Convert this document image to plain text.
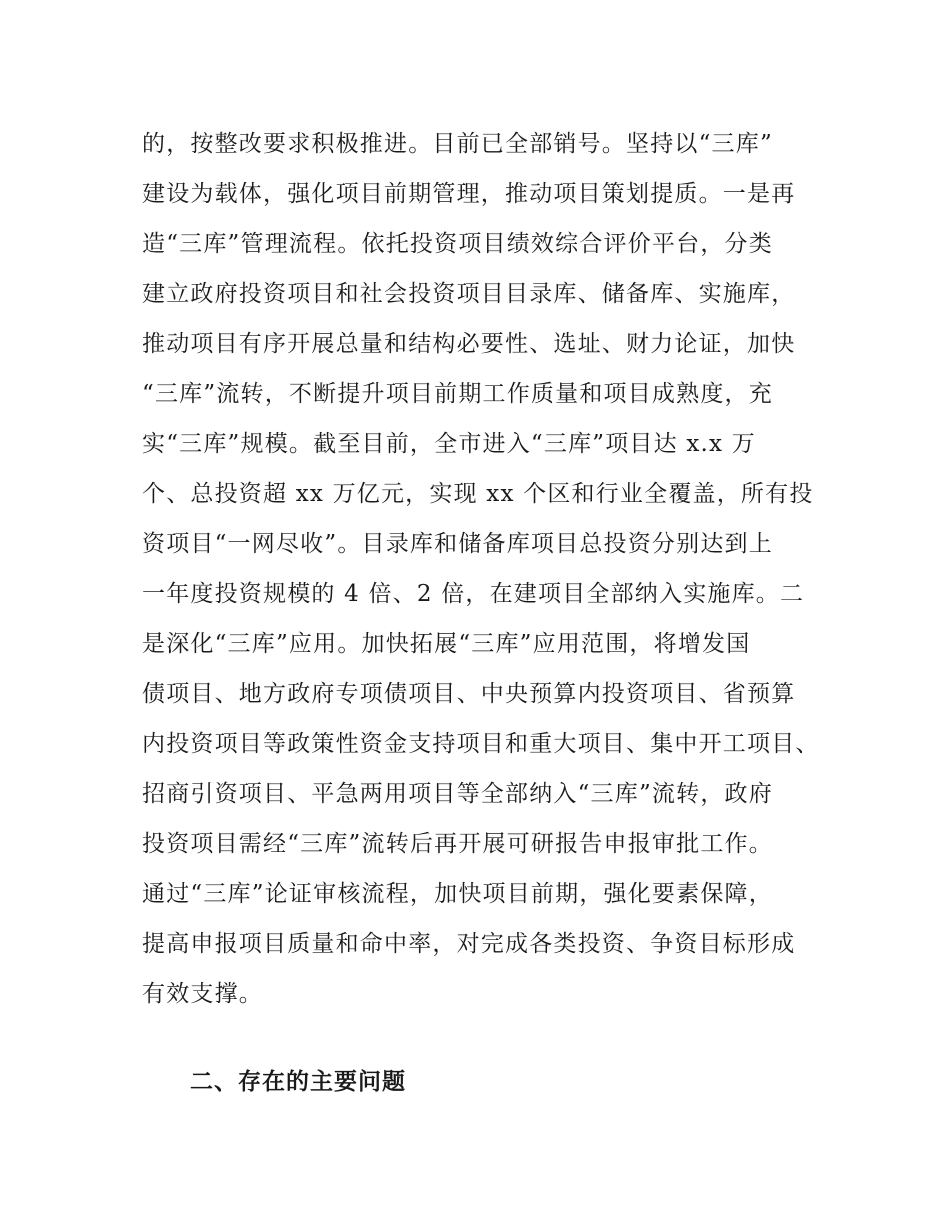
的，按整改要求积极推进。目前已全部销号。坚持以“三库”
建设为载体，强化项目前期管理，推动项目策划提质。一是再
造“三库”管理流程。依托投资项目绩效综合评价平台，分类
建立政府投资项目和社会投资项目目录库、储备库、实施库，
推动项目有序开展总量和结构必要性、选址、财力论证，加快
“三库”流转，不断提升项目前期工作质量和项目成熟度，充
实“三库”规模。截至目前，全市进入“三库”项目达 x.x 万
个、总投资超 xx 万亿元，实现 xx 个区和行业全覆盖，所有投
资项目“一网尽收”。目录库和储备库项目总投资分别达到上
一年度投资规模的 4 倍、2 倍，在建项目全部纳入实施库。二
是深化“三库”应用。加快拓展“三库”应用范围，将增发国
债项目、地方政府专项债项目、中央预算内投资项目、省预算
内投资项目等政策性资金支持项目和重大项目、集中开工项目、
招商引资项目、平急两用项目等全部纳入“三库”流转，政府
投资项目需经“三库”流转后再开展可研报告申报审批工作。
通过“三库”论证审核流程，加快项目前期，强化要素保障，
提高申报项目质量和命中率，对完成各类投资、争资目标形成
有效支撑。
二、存在的主要问题
